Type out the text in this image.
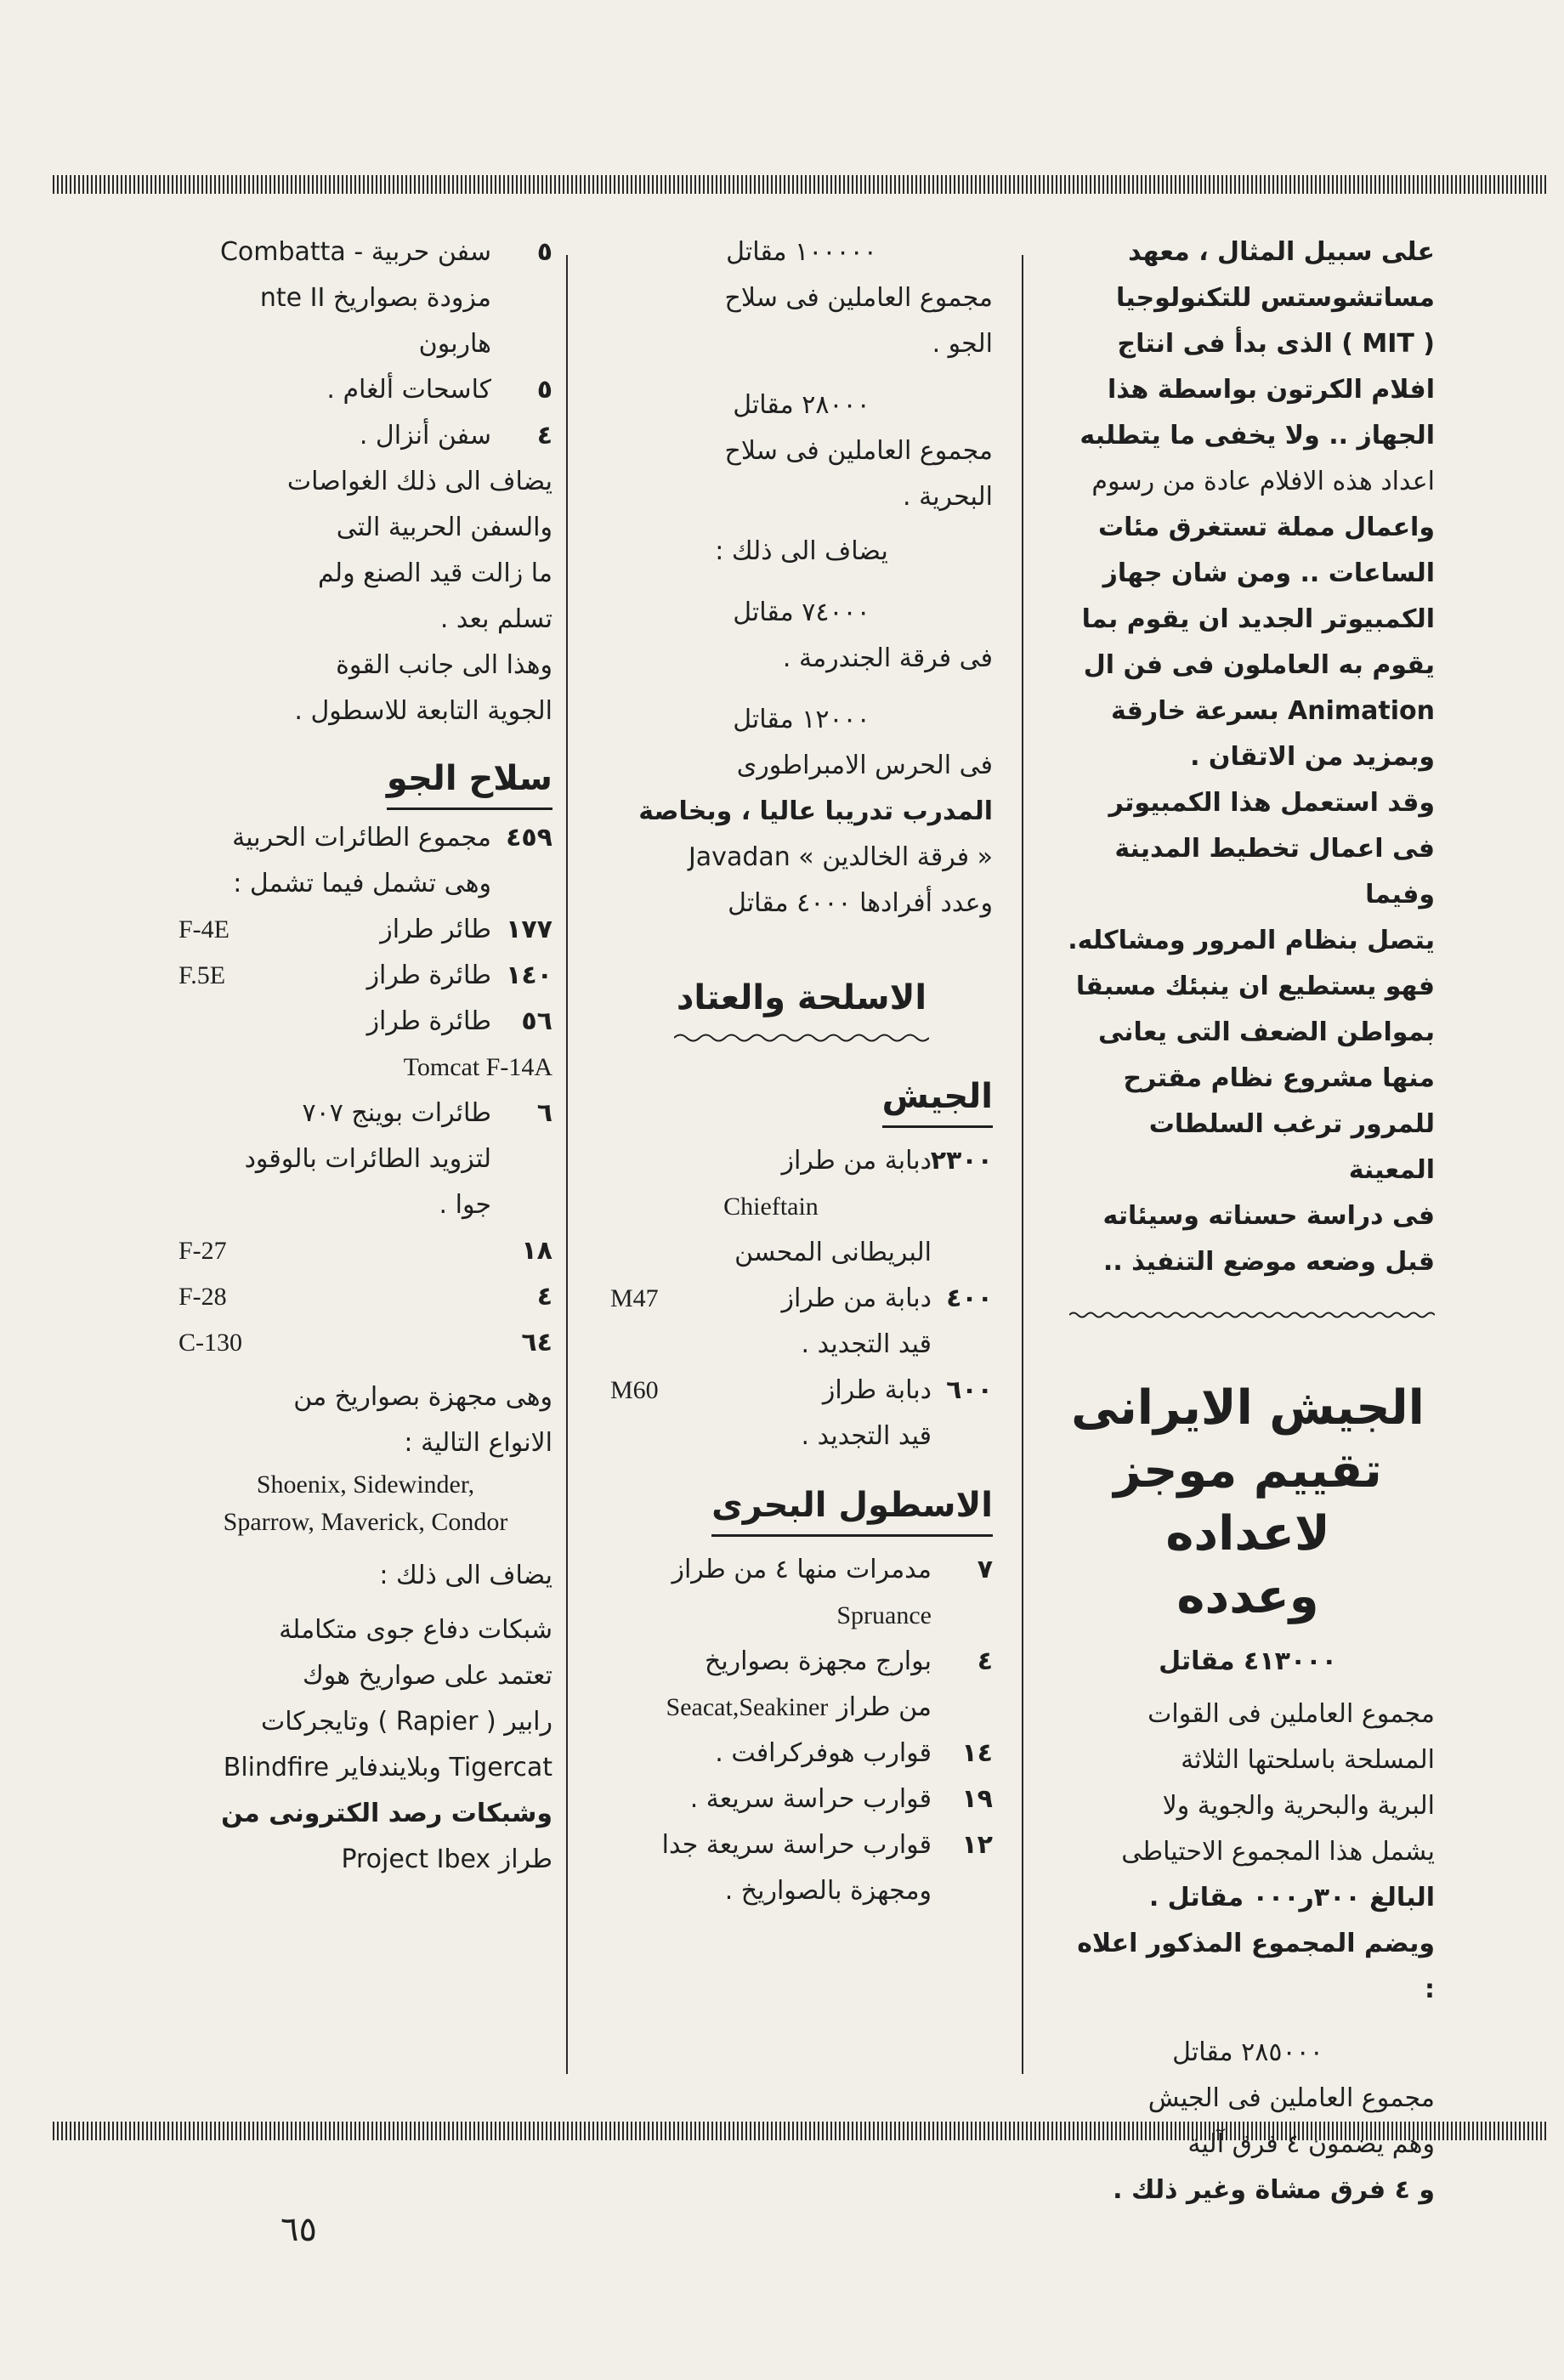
على سبيل المثال ، معهد

مساتشوستس للتكنولوجيا

( MIT ) الذى بدأ فى انتاج

افلام الكرتون بواسطة هذا

الجهاز .. ولا يخفى ما يتطلبه

اعداد هذه الافلام عادة من رسوم

واعمال مملة تستغرق مئات

الساعات .. ومن شان جهاز

الكمبيوتر الجديد ان يقوم بما

يقوم به العاملون فى فن ال

Animation بسرعة خارقة

وبمزيد من الاتقان .

وقد استعمل هذا الكمبيوتر

فى اعمال تخطيط المدينة وفيما

يتصل بنظام المرور ومشاكله.

فهو يستطيع ان ينبئك مسبقا

بمواطن الضعف التى يعانى

منها مشروع نظام مقترح

للمرور ترغب السلطات المعينة

فى دراسة حسناته وسيئاته

قبل وضعه موضع التنفيذ ..

الجيش الايرانى

تقييم موجز لاعداده

وعدده

٤١٣٠٠٠ مقاتل

مجموع العاملين فى القوات

المسلحة باسلحتها الثلاثة

البرية والبحرية والجوية ولا

يشمل هذا المجموع الاحتياطى

البالغ ٣٠٠ر٠٠٠ مقاتل .

ويضم المجموع المذكور اعلاه :

٢٨٥٠٠٠ مقاتل

مجموع العاملين فى الجيش

وهم يضمون ٤ فرق آلية

و ٤ فرق مشاة وغير ذلك .

١٠٠٠٠٠ مقاتل

مجموع العاملين فى سلاح

الجو .

٢٨٠٠٠ مقاتل

مجموع العاملين فى سلاح

البحرية .

يضاف الى ذلك :

٧٤٠٠٠ مقاتل

فى فرقة الجندرمة .

١٢٠٠٠ مقاتل

فى الحرس الامبراطورى

المدرب تدريبا عاليا ، وبخاصة

« فرقة الخالدين » Javadan

وعدد أفرادها ٤٠٠٠ مقاتل

الاسلحة والعتاد
الجيش
٢٣٠٠

دبابة من طراز

Chieftain

البريطانى المحسن

٤٠٠
دبابة من طراز
M47

قيد التجديد .

٦٠٠
دبابة طراز
M60

قيد التجديد .

الاسطول البحرى
٧

مدمرات منها ٤ من طراز

Spruance

٤

بوارج مجهزة بصواريخ

من طراز
Seacat,Seakiner
١٤

قوارب هوفركرافت .

١٩

قوارب حراسة سريعة .

١٢

قوارب حراسة سريعة جدا

ومجهزة بالصواريخ .

٥

سفن حربية - Combatta

مزودة بصواريخ nte II

هاربون

٥

كاسحات ألغام .

٤

سفن أنزال .

يضاف الى ذلك الغواصات

والسفن الحربية التى

ما زالت قيد الصنع ولم

تسلم بعد .

وهذا الى جانب القوة

الجوية التابعة للاسطول .

سلاح الجو
٤٥٩

مجموع الطائرات الحربية

وهى تشمل فيما تشمل :

١٧٧
طائر طراز
F-4E
١٤٠
طائرة طراز
F.5E
٥٦

طائرة طراز

Tomcat F-14A

٦

طائرات بوينج ٧٠٧

لتزويد الطائرات بالوقود

جوا .

١٨
F-27
٤
F-28
٦٤
C-130

وهى مجهزة بصواريخ من

الانواع التالية :

Shoenix, Sidewinder,

Sparrow, Maverick, Condor

يضاف الى ذلك :

شبكات دفاع جوى متكاملة

تعتمد على صواريخ هوك

رابير ( Rapier ) وتايجركات

Tigercat وبلايندفاير Blindfire

وشبكات رصد الكترونى من

طراز Project Ibex

٦٥
